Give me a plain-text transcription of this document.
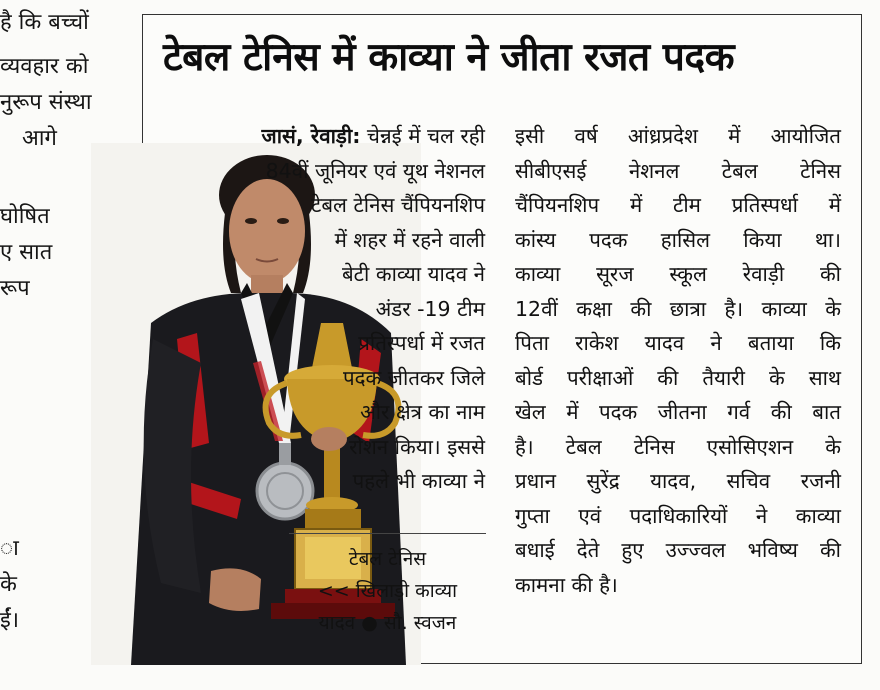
है कि बच्चों
व्यवहार को
नुरूप संस्था
आगे
घोषित
ए सात
रूप
ा
के
ईं।
टेबल टेनिस में काव्या ने जीता रजत पदक
जासं, रेवाड़ी: चेन्नई में चल रही
84वीं जूनियर एवं यूथ नेशनल
टेबल टेनिस चैंपियनशिप
में शहर में रहने वाली
बेटी काव्या यादव ने
अंडर -19 टीम
प्रतिस्पर्धा में रजत
पदक जीतकर जिले
और क्षेत्र का नाम
रोशन किया। इससे
पहले भी काव्या ने
टेबल टेनिस
<< खिलाड़ी काव्या
यादव ● सौ. स्वजन
इसी वर्ष आंध्रप्रदेश में आयोजित
सीबीएसई नेशनल टेबल टेनिस
चैंपियनशिप में टीम प्रतिस्पर्धा में
कांस्य पदक हासिल किया था।
काव्या सूरज स्कूल रेवाड़ी की
12वीं कक्षा की छात्रा है। काव्या के
पिता राकेश यादव ने बताया कि
बोर्ड परीक्षाओं की तैयारी के साथ
खेल में पदक जीतना गर्व की बात
है। टेबल टेनिस एसोसिएशन के
प्रधान सुरेंद्र यादव, सचिव रजनी
गुप्ता एवं पदाधिकारियों ने काव्या
बधाई देते हुए उज्ज्वल भविष्य की
कामना की है।
